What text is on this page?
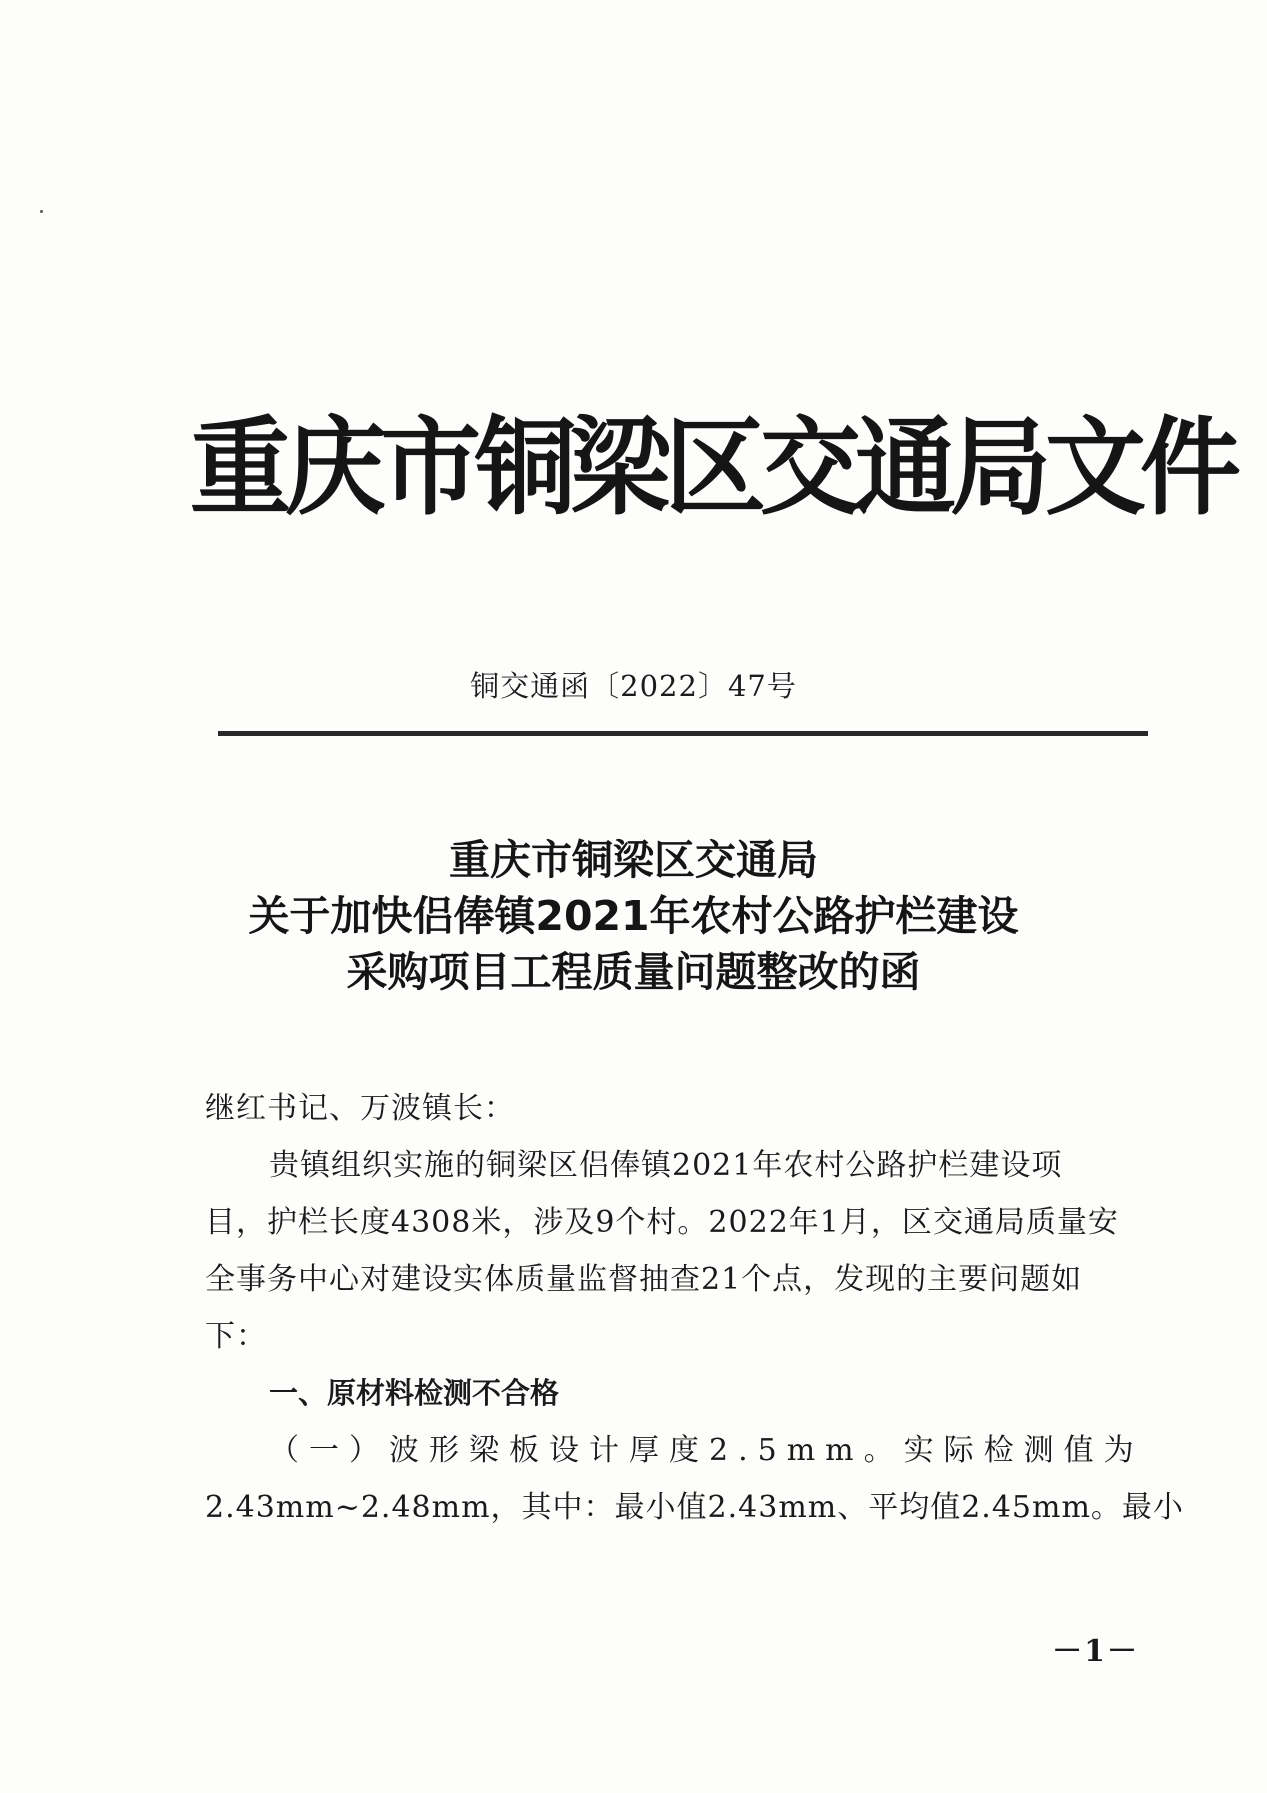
重庆市铜梁区交通局文件
铜交通函〔2022〕47号
重庆市铜梁区交通局
关于加快侣俸镇2021年农村公路护栏建设
采购项目工程质量问题整改的函

继红书记、万波镇长：

贵镇组织实施的铜梁区侣俸镇2021年农村公路护栏建设项

目，护栏长度4308米，涉及9个村。2022年1月，区交通局质量安

全事务中心对建设实体质量监督抽查21个点，发现的主要问题如

下：

一、原材料检测不合格

（一）波形梁板设计厚度2.5mm。实际检测值为

2.43mm~2.48mm，其中：最小值2.43mm、平均值2.45mm。最小

－1－
